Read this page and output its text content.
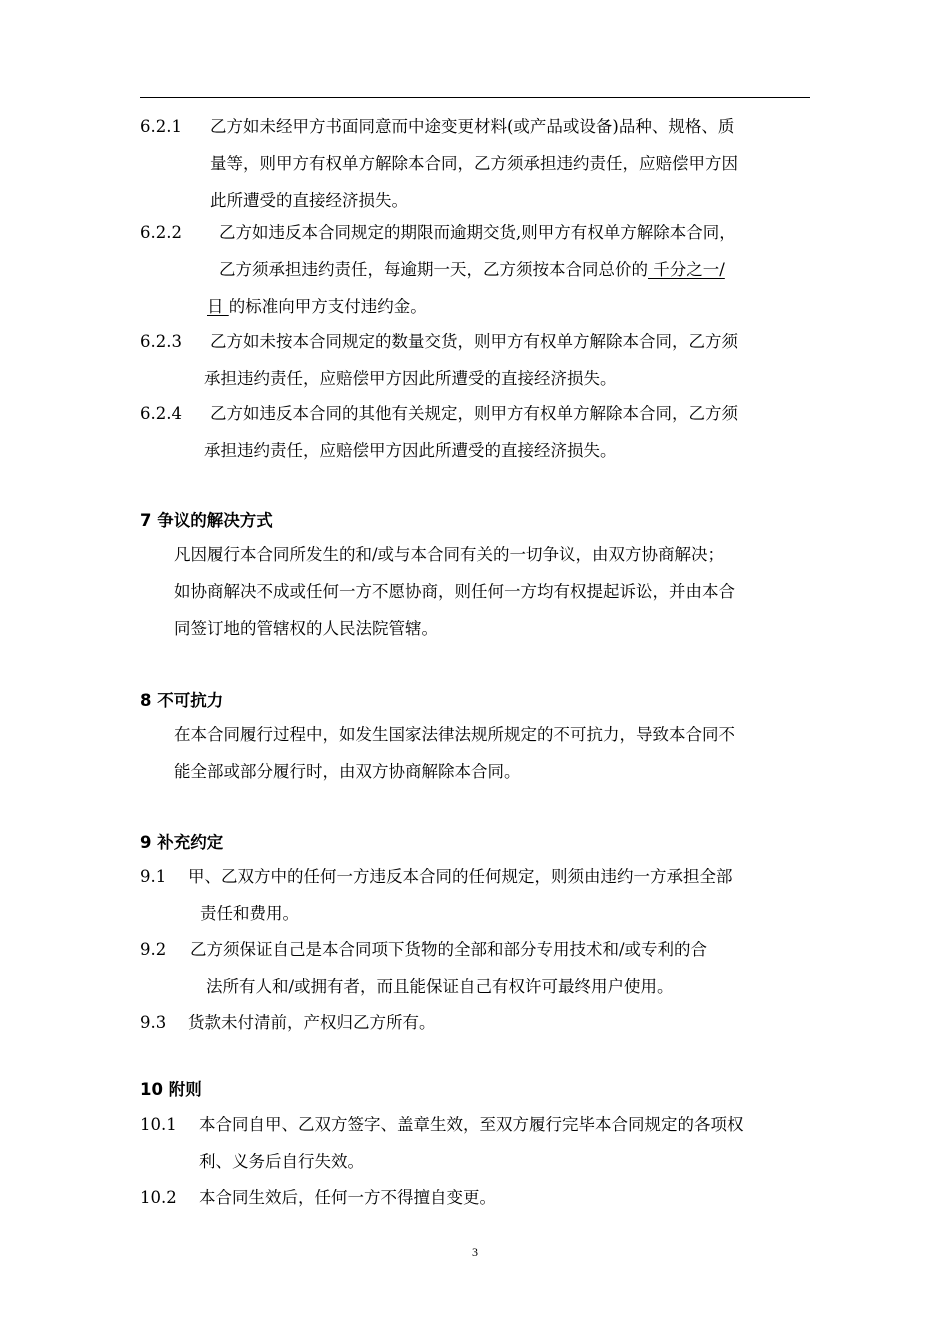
6.2.1 乙方如未经甲方书面同意而中途变更材料(或产品或设备)品种、规格、质
量等，则甲方有权单方解除本合同，乙方须承担违约责任，应赔偿甲方因
此所遭受的直接经济损失。
6.2.2 乙方如违反本合同规定的期限而逾期交货,则甲方有权单方解除本合同，
乙方须承担违约责任，每逾期一天，乙方须按本合同总价的 千分之一/
日 的标准向甲方支付违约金。
6.2.3 乙方如未按本合同规定的数量交货，则甲方有权单方解除本合同，乙方须
承担违约责任，应赔偿甲方因此所遭受的直接经济损失。
6.2.4 乙方如违反本合同的其他有关规定，则甲方有权单方解除本合同，乙方须
承担违约责任，应赔偿甲方因此所遭受的直接经济损失。
7 争议的解决方式
凡因履行本合同所发生的和/或与本合同有关的一切争议，由双方协商解决；
如协商解决不成或任何一方不愿协商，则任何一方均有权提起诉讼，并由本合
同签订地的管辖权的人民法院管辖。
8 不可抗力
在本合同履行过程中，如发生国家法律法规所规定的不可抗力，导致本合同不
能全部或部分履行时，由双方协商解除本合同。
9 补充约定
9.1 甲、乙双方中的任何一方违反本合同的任何规定，则须由违约一方承担全部
责任和费用。
9.2 乙方须保证自己是本合同项下货物的全部和部分专用技术和/或专利的合
法所有人和/或拥有者，而且能保证自己有权许可最终用户使用。
9.3 货款未付清前，产权归乙方所有。
10 附则
10.1 本合同自甲、乙双方签字、盖章生效，至双方履行完毕本合同规定的各项权
利、义务后自行失效。
10.2 本合同生效后，任何一方不得擅自变更。
3
